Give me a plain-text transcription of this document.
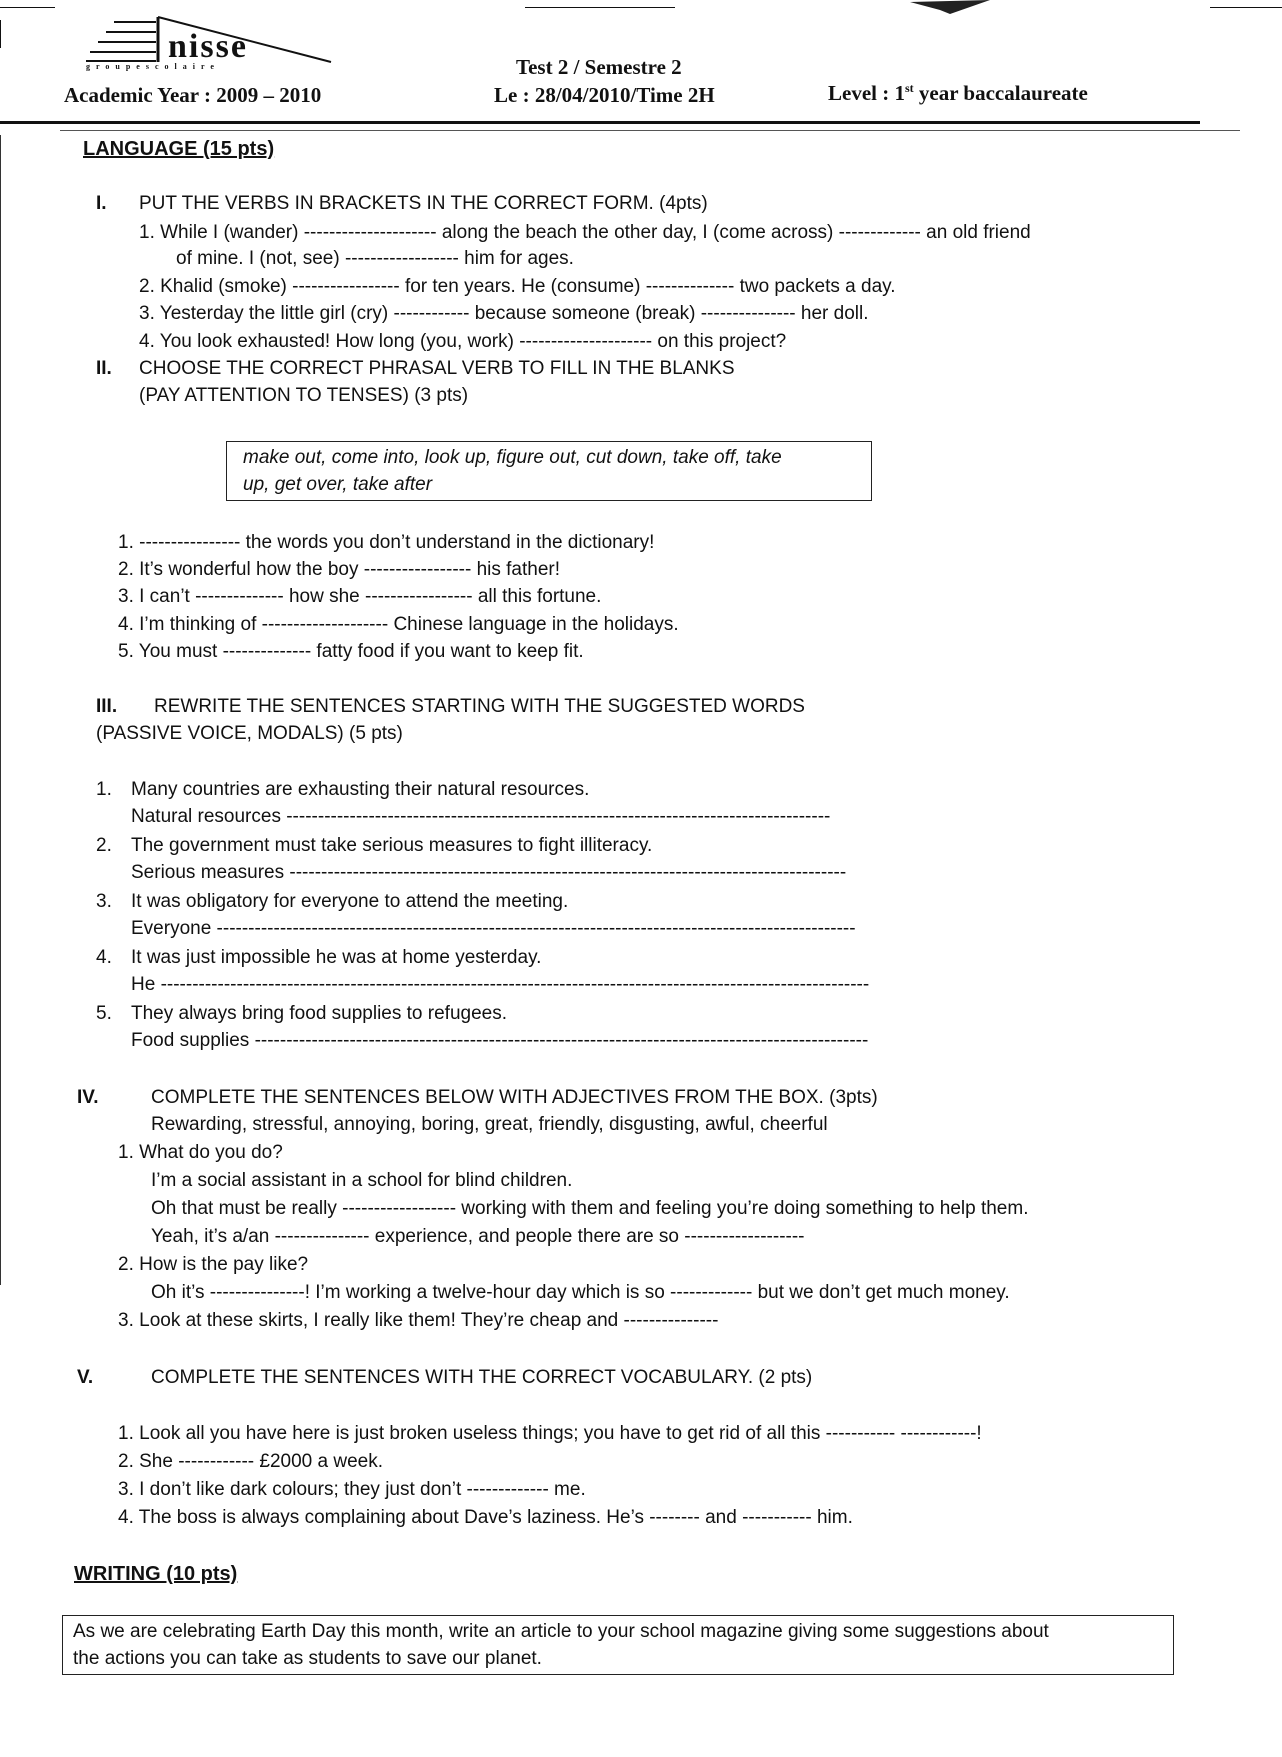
nisse
g r o u p e s c o l a i r e	Test 2 / Semestre 2
Academic Year : 2009 – 2010	Le : 28/04/2010/Time 2H	Level : 1st year baccalaureate
LANGUAGE (15 pts)
I. PUT THE VERBS IN BRACKETS IN THE CORRECT FORM. (4pts)
1. While I (wander) --------------------- along the beach the other day, I (come across) ------------- an old friend
of mine. I (not, see) ------------------ him for ages.
2. Khalid (smoke) ----------------- for ten years. He (consume) -------------- two packets a day.
3. Yesterday the little girl (cry) ------------ because someone (break) --------------- her doll.
4. You look exhausted! How long (you, work) --------------------- on this project?
II. CHOOSE THE CORRECT PHRASAL VERB TO FILL IN THE BLANKS
(PAY ATTENTION TO TENSES) (3 pts)
make out, come into, look up, figure out, cut down, take off, take
up, get over, take after
1. ---------------- the words you don’t understand in the dictionary!
2. It’s wonderful how the boy ----------------- his father!
3. I can’t -------------- how she ----------------- all this fortune.
4. I’m thinking of -------------------- Chinese language in the holidays.
5. You must -------------- fatty food if you want to keep fit.
III. REWRITE THE SENTENCES STARTING WITH THE SUGGESTED WORDS
(PASSIVE VOICE, MODALS) (5 pts)
1. Many countries are exhausting their natural resources.
Natural resources --------------------------------------------------------------------------------------
2. The government must take serious measures to fight illiteracy.
Serious measures ----------------------------------------------------------------------------------------
3. It was obligatory for everyone to attend the meeting.
Everyone -----------------------------------------------------------------------------------------------------
4. It was just impossible he was at home yesterday.
He ----------------------------------------------------------------------------------------------------------------
5. They always bring food supplies to refugees.
Food supplies -------------------------------------------------------------------------------------------------
IV.	COMPLETE THE SENTENCES BELOW WITH ADJECTIVES FROM THE BOX. (3pts)
Rewarding, stressful, annoying, boring, great, friendly, disgusting, awful, cheerful
1. What do you do?
I’m a social assistant in a school for blind children.
Oh that must be really ------------------ working with them and feeling you’re doing something to help them.
Yeah, it’s a/an --------------- experience, and people there are so -------------------
2. How is the pay like?
Oh it’s ---------------! I’m working a twelve-hour day which is so ------------- but we don’t get much money.
3. Look at these skirts, I really like them! They’re cheap and ---------------
V.	COMPLETE THE SENTENCES WITH THE CORRECT VOCABULARY. (2 pts)
1. Look all you have here is just broken useless things; you have to get rid of all this ----------- ------------!
2. She ------------ £2000 a week.
3. I don’t like dark colours; they just don’t ------------- me.
4. The boss is always complaining about Dave’s laziness. He’s -------- and ----------- him.
WRITING (10 pts)
As we are celebrating Earth Day this month, write an article to your school magazine giving some suggestions about
the actions you can take as students to save our planet.
